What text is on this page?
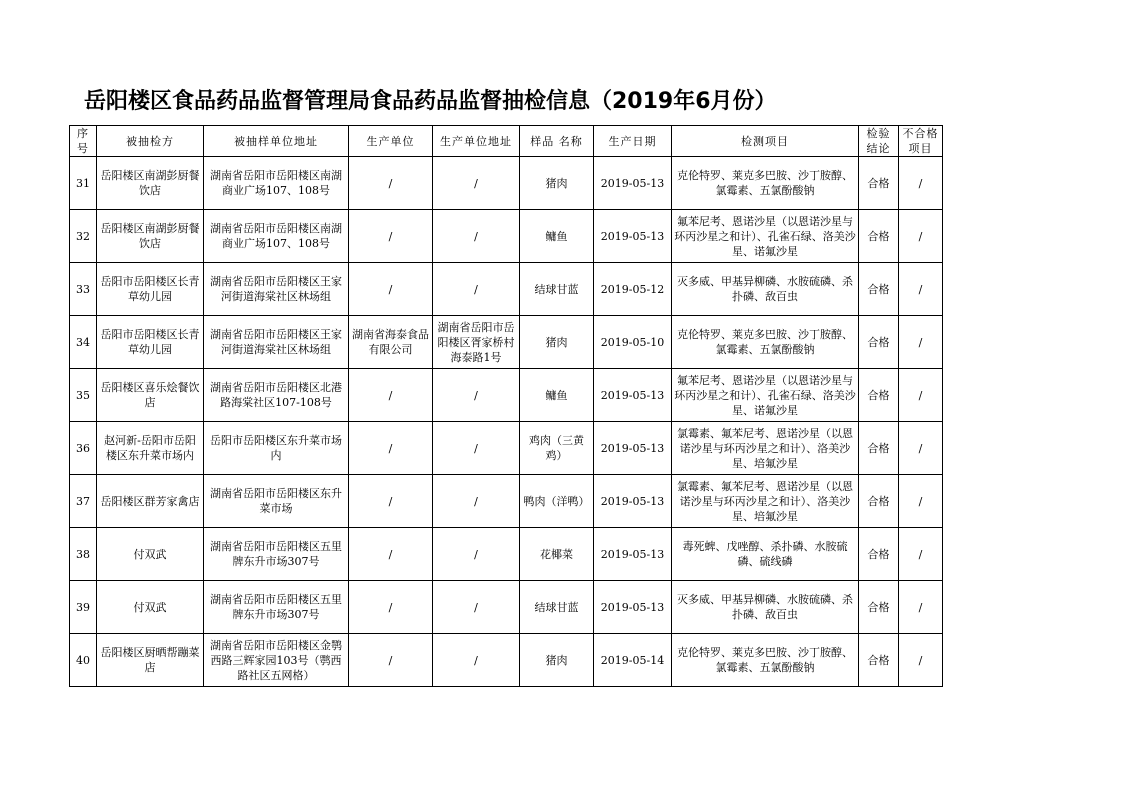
岳阳楼区食品药品监督管理局食品药品监督抽检信息（2019年6月份）
序号	被抽检方	被抽样单位地址	生产单位	生产单位地址	样品 名称	生产日期	检测项目	检验结论	不合格项目
31	岳阳楼区南湖彭厨餐饮店	湖南省岳阳市岳阳楼区南湖商业广场107、108号	/	/	猪肉	2019-05-13	克伦特罗、莱克多巴胺、沙丁胺醇、氯霉素、五氯酚酸钠	合格	/
32	岳阳楼区南湖彭厨餐饮店	湖南省岳阳市岳阳楼区南湖商业广场107、108号	/	/	鳙鱼	2019-05-13	氟苯尼考、恩诺沙星（以恩诺沙星与环丙沙星之和计）、孔雀石绿、洛美沙星、诺氟沙星	合格	/
33	岳阳市岳阳楼区长青草幼儿园	湖南省岳阳市岳阳楼区王家河街道海棠社区林场组	/	/	结球甘蓝	2019-05-12	灭多威、甲基异柳磷、水胺硫磷、杀扑磷、敌百虫	合格	/
34	岳阳市岳阳楼区长青草幼儿园	湖南省岳阳市岳阳楼区王家河街道海棠社区林场组	湖南省海泰食品有限公司	湖南省岳阳市岳阳楼区胥家桥村海泰路1号	猪肉	2019-05-10	克伦特罗、莱克多巴胺、沙丁胺醇、氯霉素、五氯酚酸钠	合格	/
35	岳阳楼区喜乐烩餐饮店	湖南省岳阳市岳阳楼区北港路海棠社区107-108号	/	/	鳙鱼	2019-05-13	氟苯尼考、恩诺沙星（以恩诺沙星与环丙沙星之和计）、孔雀石绿、洛美沙星、诺氟沙星	合格	/
36	赵河新-岳阳市岳阳楼区东升菜市场内	岳阳市岳阳楼区东升菜市场内	/	/	鸡肉（三黄鸡）	2019-05-13	氯霉素、氟苯尼考、恩诺沙星（以恩诺沙星与环丙沙星之和计）、洛美沙星、培氟沙星	合格	/
37	岳阳楼区群芳家禽店	湖南省岳阳市岳阳楼区东升菜市场	/	/	鸭肉（洋鸭）	2019-05-13	氯霉素、氟苯尼考、恩诺沙星（以恩诺沙星与环丙沙星之和计）、洛美沙星、培氟沙星	合格	/
38	付双武	湖南省岳阳市岳阳楼区五里牌东升市场307号	/	/	花椰菜	2019-05-13	毒死蜱、戊唑醇、杀扑磷、水胺硫磷、硫线磷	合格	/
39	付双武	湖南省岳阳市岳阳楼区五里牌东升市场307号	/	/	结球甘蓝	2019-05-13	灭多威、甲基异柳磷、水胺硫磷、杀扑磷、敌百虫	合格	/
40	岳阳楼区厨晒帮蹦菜店	湖南省岳阳市岳阳楼区金鹗西路三辉家园103号（鹗西路社区五网格）	/	/	猪肉	2019-05-14	克伦特罗、莱克多巴胺、沙丁胺醇、氯霉素、五氯酚酸钠	合格	/
